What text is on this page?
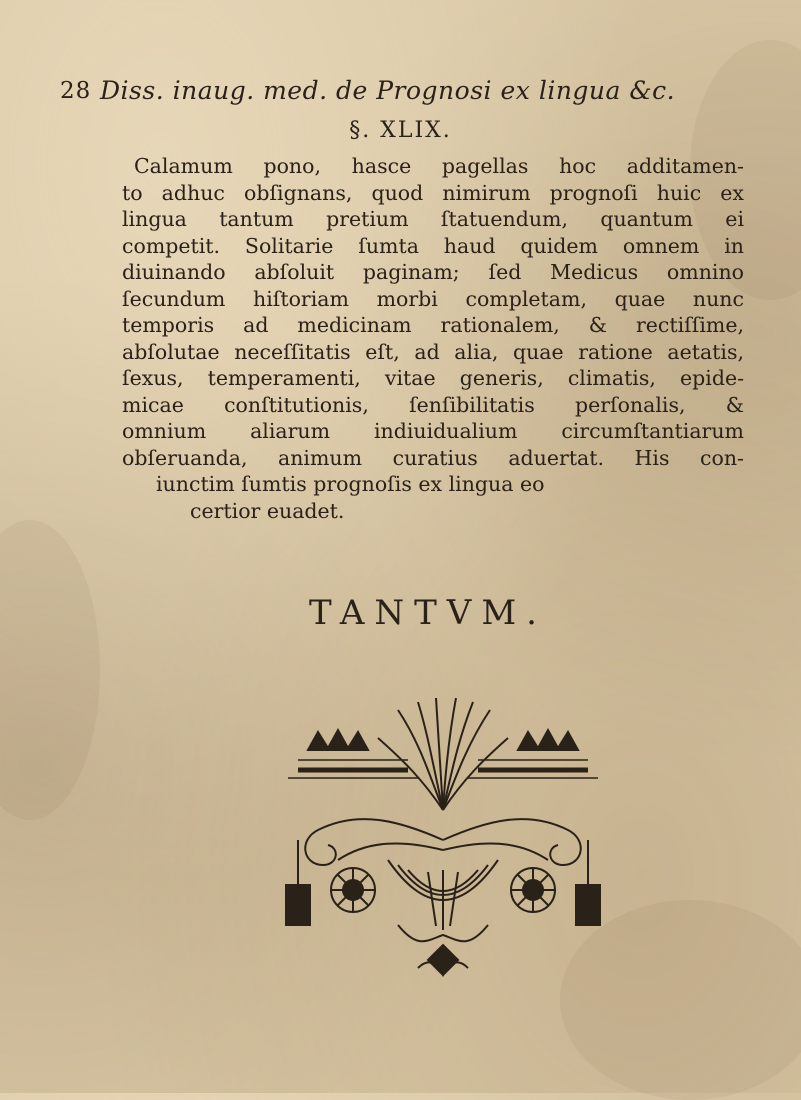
28 Diss. inaug. med. de Prognosi ex lingua &c.
§. XLIX.
Calamum pono, hasce pagellas hoc additamen-
to adhuc obſignans, quod nimirum prognoſi huic ex
lingua tantum pretium ſtatuendum, quantum ei
competit. Solitarie ſumta haud quidem omnem in
diuinando abſoluit paginam; ſed Medicus omnino
ſecundum hiſtoriam morbi completam, quae nunc
temporis ad medicinam rationalem, & rectiſſime,
abſolutae neceſſitatis eſt, ad alia, quae ratione aetatis,
ſexus, temperamenti, vitae generis, climatis, epide-
micae conſtitutionis, ſenſibilitatis perſonalis, &
omnium aliarum indiuidualium circumſtantiarum
obſeruanda, animum curatius aduertat. His con-
iunctim ſumtis prognoſis ex lingua eo
certior euadet.
TANTVM.
